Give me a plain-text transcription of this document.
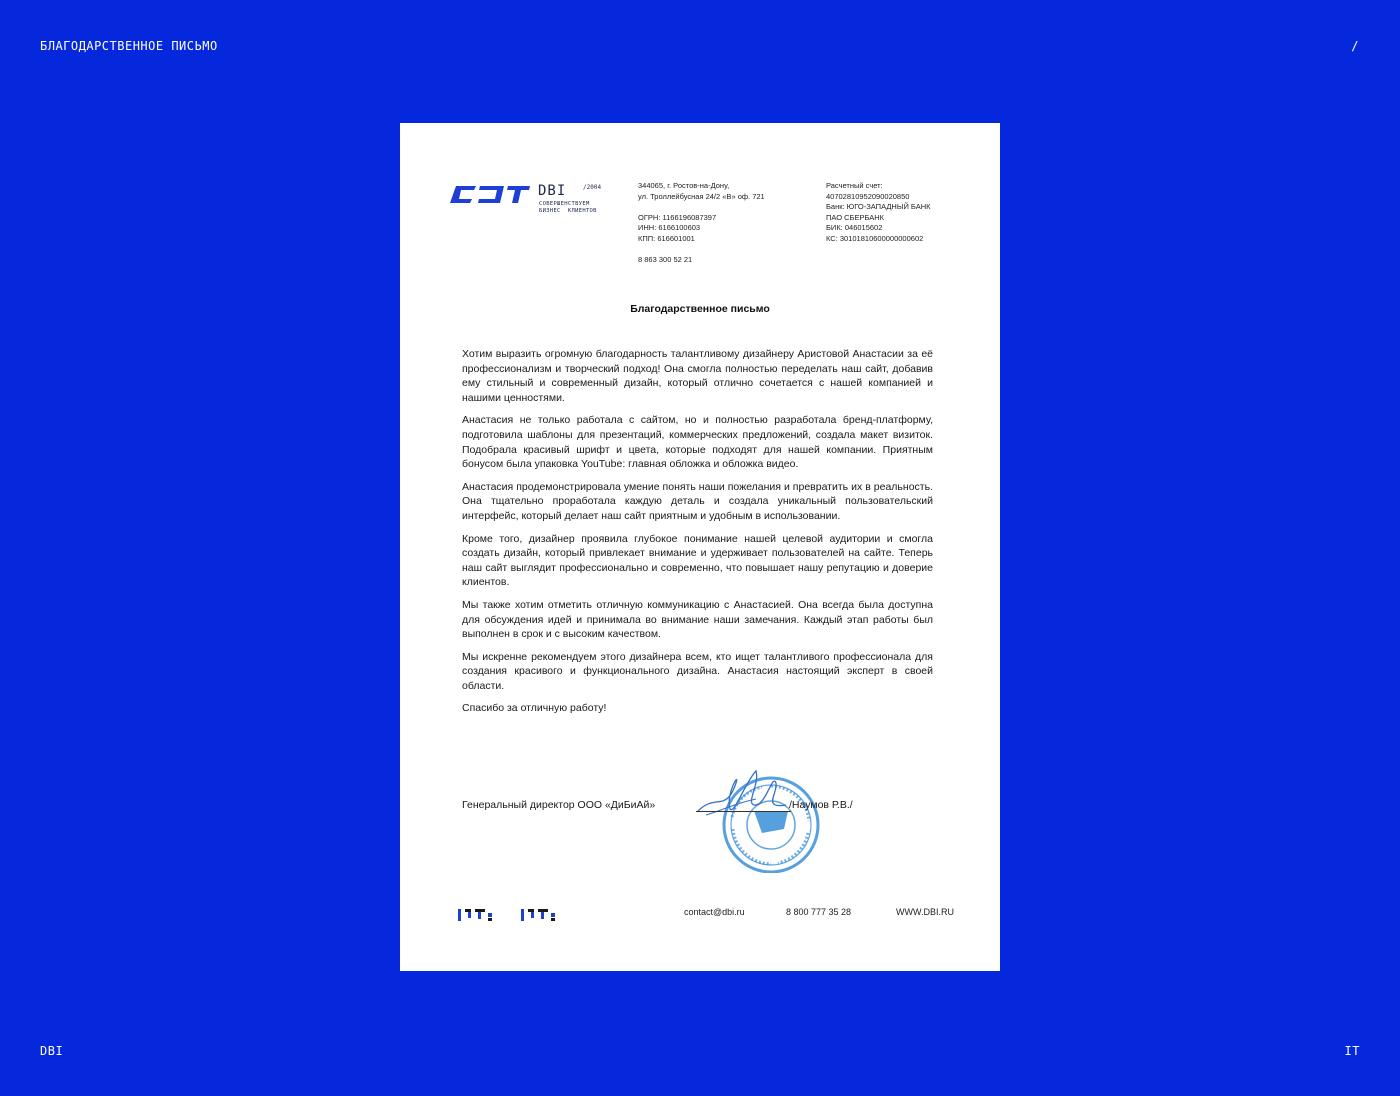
БЛАГОДАРСТВЕННОЕ ПИСЬМО	/
DBI	IT
DBI	/2004
СОВЕРШЕНСТВУЕМ
БИЗНЕС  КЛИЕНТОВ
344065, г. Ростов-на-Дону,
ул. Троллейбусная 24/2 «В» оф. 721
ОГРН: 1166196087397
ИНН: 6166100603
КПП: 616601001
8 863 300 52 21
Расчетный счет:
40702810952090020850
Банк: ЮГО-ЗАПАДНЫЙ БАНК
ПАО СБЕРБАНК
БИК: 046015602
КС: 30101810600000000602
Благодарственное письмо

Хотим выразить огромную благодарность талантливому дизайнеру Аристовой Анастасии за её профессионализм и творческий подход! Она смогла полностью переделать наш сайт, добавив ему стильный и современный дизайн, который отлично сочетается с нашей компанией и нашими ценностями.

Анастасия не только работала с сайтом, но и полностью разработала бренд-платформу, подготовила шаблоны для презентаций, коммерческих предложений, создала макет визиток. Подобрала красивый шрифт и цвета, которые подходят для нашей компании. Приятным бонусом была упаковка YouTube: главная обложка и обложка видео.

Анастасия продемонстрировала умение понять наши пожелания и превратить их в реальность. Она тщательно проработала каждую деталь и создала уникальный пользовательский интерфейс, который делает наш сайт приятным и удобным в использовании.

Кроме того, дизайнер проявила глубокое понимание нашей целевой аудитории и смогла создать дизайн, который привлекает внимание и удерживает пользователей на сайте. Теперь наш сайт выглядит профессионально и современно, что повышает нашу репутацию и доверие клиентов.

Мы также хотим отметить отличную коммуникацию с Анастасией. Она всегда была доступна для обсуждения идей и принимала во внимание наши замечания. Каждый этап работы был выполнен в срок и с высоким качеством.

Мы искренне рекомендуем этого дизайнера всем, кто ищет талантливого профессионала для создания красивого и функционального дизайна. Анастасия настоящий эксперт в своей области.

Спасибо за отличную работу!

Генеральный директор ООО «ДиБиАй»	/Наумов Р.В./
contact@dbi.ru	8 800 777 35 28	WWW.DBI.RU
